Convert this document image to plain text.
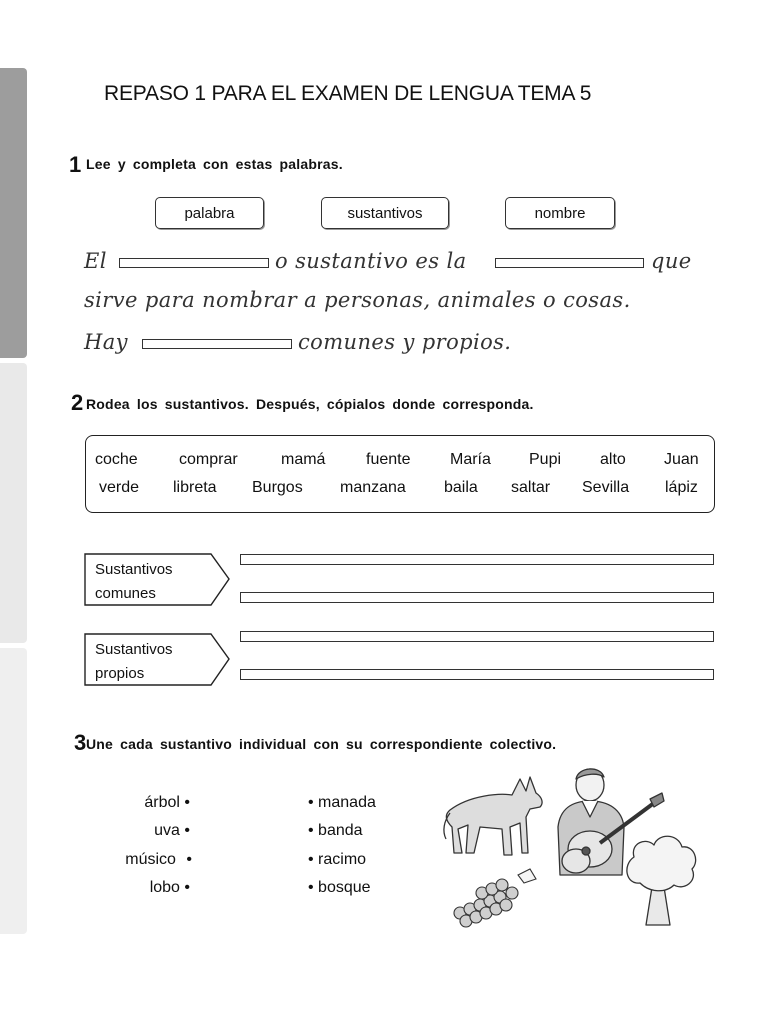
REPASO 1 PARA EL EXAMEN DE LENGUA TEMA 5
1 Lee y completa con estas palabras.
palabra	sustantivos	nombre
El	o sustantivo es la	que
sirve para nombrar a personas, animales o cosas.
Hay	comunes y propios.
2 Rodea los sustantivos. Después, cópialos donde corresponda.
coche	comprar	mamá	fuente María Pupi alto Juan
verde libreta Burgos manzana baila saltar Sevilla lápiz
Sustantivos
comunes
Sustantivos
propios
3 Une cada sustantivo individual con su correspondiente colectivo.
árbol •
uva •
músico •
lobo •
• manada
• banda
• racimo
• bosque
